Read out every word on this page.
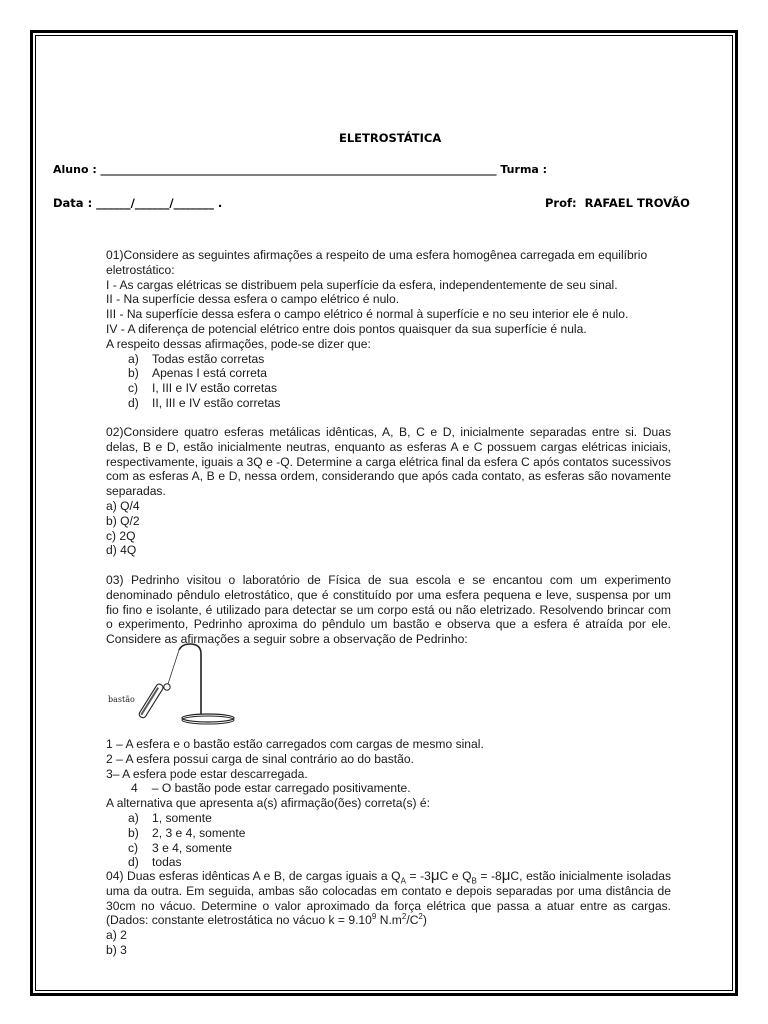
ELETROSTÁTICA
Aluno : ________________________________________________________________________ Turma :
Data : ______/______/_______ .	Prof:  RAFAEL TROVÃO

01)Considere as seguintes afirmações a respeito de uma esfera homogênea carregada em equilíbrio eletrostático:

I - As cargas elétricas se distribuem pela superfície da esfera, independentemente de seu sinal.

II - Na superfície dessa esfera o campo elétrico é nulo.

III - Na superfície dessa esfera o campo elétrico é normal à superfície e no seu interior ele é nulo.

IV - A diferença de potencial elétrico entre dois pontos quaisquer da sua superfície é nula.

A respeito dessas afirmações, pode-se dizer que:

a) Todas estão corretas
b) Apenas I está correta
c) I, III e IV estão corretas
d) II, III e IV estão corretas

02)Considere quatro esferas metálicas idênticas, A, B, C e D, inicialmente separadas entre si. Duas delas, B e D, estão inicialmente neutras, enquanto as esferas A e C possuem cargas elétricas iniciais, respectivamente, iguais a 3Q e -Q. Determine a carga elétrica final da esfera C após contatos sucessivos com as esferas A, B e D, nessa ordem, considerando que após cada contato, as esferas são novamente separadas.

a) Q/4

b) Q/2

c) 2Q

d) 4Q

03) Pedrinho visitou o laboratório de Física de sua escola e se encantou com um experimento denominado pêndulo eletrostático, que é constituído por uma esfera pequena e leve, suspensa por um fio fino e isolante, é utilizado para detectar se um corpo está ou não eletrizado. Resolvendo brincar com o experimento, Pedrinho aproxima do pêndulo um bastão e observa que a esfera é atraída por ele. Considere as afirmações a seguir sobre a observação de Pedrinho:

bastão

1 – A esfera e o bastão estão carregados com cargas de mesmo sinal.

2 – A esfera possui carga de sinal contrário ao do bastão.

3– A esfera pode estar descarregada.

4 – O bastão pode estar carregado positivamente.

A alternativa que apresenta a(s) afirmação(ões) correta(s) é:

a) 1, somente
b) 2, 3 e 4, somente
c) 3 e 4, somente
d) todas

04) Duas esferas idênticas A e B, de cargas iguais a $Q_A = -3\mu C$ e $Q_B = -8\mu C$, estão inicialmente isoladas uma da outra. Em seguida, ambas são colocadas em contato e depois separadas por uma distância de 30cm no vácuo. Determine o valor aproximado da força elétrica que passa a atuar entre as cargas. (Dados: constante eletrostática no vácuo $k = 9.10^9$ $N.m^2/C^2$)

a) 2

b) 3
